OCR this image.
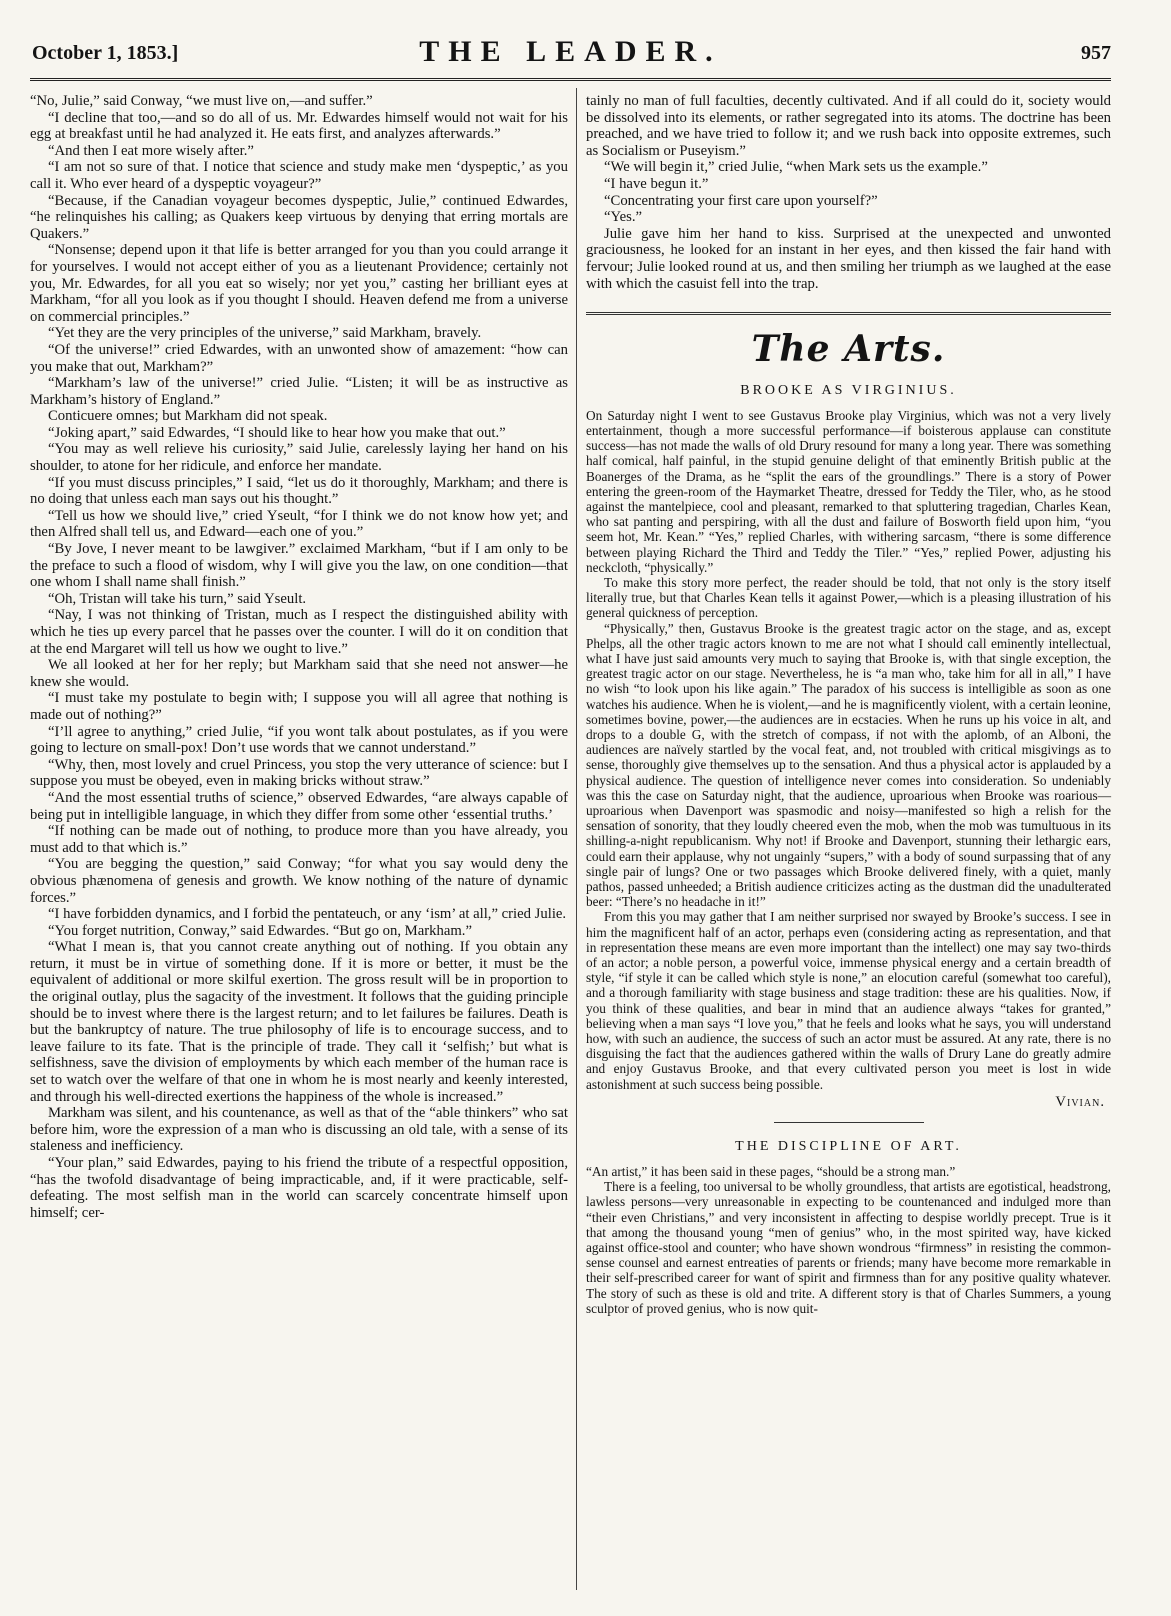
October 1, 1853.]	THE LEADER.	957

“No, Julie,” said Conway, “we must live on,—and suffer.”

“I decline that too,—and so do all of us. Mr. Edwardes himself would not wait for his egg at breakfast until he had analyzed it. He eats first, and analyzes afterwards.”

“And then I eat more wisely after.”

“I am not so sure of that. I notice that science and study make men ‘dyspeptic,’ as you call it. Who ever heard of a dyspeptic voyageur?”

“Because, if the Canadian voyageur becomes dyspeptic, Julie,” continued Edwardes, “he relinquishes his calling; as Quakers keep virtuous by denying that erring mortals are Quakers.”

“Nonsense; depend upon it that life is better arranged for you than you could arrange it for yourselves. I would not accept either of you as a lieutenant Providence; certainly not you, Mr. Edwardes, for all you eat so wisely; nor yet you,” casting her brilliant eyes at Markham, “for all you look as if you thought I should. Heaven defend me from a universe on commercial principles.”

“Yet they are the very principles of the universe,” said Markham, bravely.

“Of the universe!” cried Edwardes, with an unwonted show of amazement: “how can you make that out, Markham?”

“Markham’s law of the universe!” cried Julie. “Listen; it will be as instructive as Markham’s history of England.”

Conticuere omnes; but Markham did not speak.

“Joking apart,” said Edwardes, “I should like to hear how you make that out.”

“You may as well relieve his curiosity,” said Julie, carelessly laying her hand on his shoulder, to atone for her ridicule, and enforce her mandate.

“If you must discuss principles,” I said, “let us do it thoroughly, Markham; and there is no doing that unless each man says out his thought.”

“Tell us how we should live,” cried Yseult, “for I think we do not know how yet; and then Alfred shall tell us, and Edward—each one of you.”

“By Jove, I never meant to be lawgiver.” exclaimed Markham, “but if I am only to be the preface to such a flood of wisdom, why I will give you the law, on one condition—that one whom I shall name shall finish.”

“Oh, Tristan will take his turn,” said Yseult.

“Nay, I was not thinking of Tristan, much as I respect the distinguished ability with which he ties up every parcel that he passes over the counter. I will do it on condition that at the end Margaret will tell us how we ought to live.”

We all looked at her for her reply; but Markham said that she need not answer—he knew she would.

“I must take my postulate to begin with; I suppose you will all agree that nothing is made out of nothing?”

“I’ll agree to anything,” cried Julie, “if you wont talk about postulates, as if you were going to lecture on small-pox! Don’t use words that we cannot understand.”

“Why, then, most lovely and cruel Princess, you stop the very utterance of science: but I suppose you must be obeyed, even in making bricks without straw.”

“And the most essential truths of science,” observed Edwardes, “are always capable of being put in intelligible language, in which they differ from some other ‘essential truths.’

“If nothing can be made out of nothing, to produce more than you have already, you must add to that which is.”

“You are begging the question,” said Conway; “for what you say would deny the obvious phænomena of genesis and growth. We know nothing of the nature of dynamic forces.”

“I have forbidden dynamics, and I forbid the pentateuch, or any ‘ism’ at all,” cried Julie.

“You forget nutrition, Conway,” said Edwardes. “But go on, Markham.”

“What I mean is, that you cannot create anything out of nothing. If you obtain any return, it must be in virtue of something done. If it is more or better, it must be the equivalent of additional or more skilful exertion. The gross result will be in proportion to the original outlay, plus the sagacity of the investment. It follows that the guiding principle should be to invest where there is the largest return; and to let failures be failures. Death is but the bankruptcy of nature. The true philosophy of life is to encourage success, and to leave failure to its fate. That is the principle of trade. They call it ‘selfish;’ but what is selfishness, save the division of employments by which each member of the human race is set to watch over the welfare of that one in whom he is most nearly and keenly interested, and through his well-directed exertions the happiness of the whole is increased.”

Markham was silent, and his countenance, as well as that of the “able thinkers” who sat before him, wore the expression of a man who is discussing an old tale, with a sense of its staleness and inefficiency.

“Your plan,” said Edwardes, paying to his friend the tribute of a respectful opposition, “has the twofold disadvantage of being impracticable, and, if it were practicable, self-defeating. The most selfish man in the world can scarcely concentrate himself upon himself; cer-

tainly no man of full faculties, decently cultivated. And if all could do it, society would be dissolved into its elements, or rather segregated into its atoms. The doctrine has been preached, and we have tried to follow it; and we rush back into opposite extremes, such as Socialism or Puseyism.”

“We will begin it,” cried Julie, “when Mark sets us the example.”

“I have begun it.”

“Concentrating your first care upon yourself?”

“Yes.”

Julie gave him her hand to kiss. Surprised at the unexpected and unwonted graciousness, he looked for an instant in her eyes, and then kissed the fair hand with fervour; Julie looked round at us, and then smiling her triumph as we laughed at the ease with which the casuist fell into the trap.

The Arts.
BROOKE AS VIRGINIUS.

On Saturday night I went to see Gustavus Brooke play Virginius, which was not a very lively entertainment, though a more successful performance—if boisterous applause can constitute success—has not made the walls of old Drury resound for many a long year. There was something half comical, half painful, in the stupid genuine delight of that eminently British public at the Boanerges of the Drama, as he “split the ears of the groundlings.” There is a story of Power entering the green-room of the Haymarket Theatre, dressed for Teddy the Tiler, who, as he stood against the mantelpiece, cool and pleasant, remarked to that spluttering tragedian, Charles Kean, who sat panting and perspiring, with all the dust and failure of Bosworth field upon him, “you seem hot, Mr. Kean.” “Yes,” replied Charles, with withering sarcasm, “there is some difference between playing Richard the Third and Teddy the Tiler.” “Yes,” replied Power, adjusting his neckcloth, “physically.”

To make this story more perfect, the reader should be told, that not only is the story itself literally true, but that Charles Kean tells it against Power,—which is a pleasing illustration of his general quickness of perception.

“Physically,” then, Gustavus Brooke is the greatest tragic actor on the stage, and as, except Phelps, all the other tragic actors known to me are not what I should call eminently intellectual, what I have just said amounts very much to saying that Brooke is, with that single exception, the greatest tragic actor on our stage. Nevertheless, he is “a man who, take him for all in all,” I have no wish “to look upon his like again.” The paradox of his success is intelligible as soon as one watches his audience. When he is violent,—and he is magnificently violent, with a certain leonine, sometimes bovine, power,—the audiences are in ecstacies. When he runs up his voice in alt, and drops to a double G, with the stretch of compass, if not with the aplomb, of an Alboni, the audiences are naïvely startled by the vocal feat, and, not troubled with critical misgivings as to sense, thoroughly give themselves up to the sensation. And thus a physical actor is applauded by a physical audience. The question of intelligence never comes into consideration. So undeniably was this the case on Saturday night, that the audience, uproarious when Brooke was roarious—uproarious when Davenport was spasmodic and noisy—manifested so high a relish for the sensation of sonority, that they loudly cheered even the mob, when the mob was tumultuous in its shilling-a-night republicanism. Why not! if Brooke and Davenport, stunning their lethargic ears, could earn their applause, why not ungainly “supers,” with a body of sound surpassing that of any single pair of lungs? One or two passages which Brooke delivered finely, with a quiet, manly pathos, passed unheeded; a British audience criticizes acting as the dustman did the unadulterated beer: “There’s no headache in it!”

From this you may gather that I am neither surprised nor swayed by Brooke’s success. I see in him the magnificent half of an actor, perhaps even (considering acting as representation, and that in representation these means are even more important than the intellect) one may say two-thirds of an actor; a noble person, a powerful voice, immense physical energy and a certain breadth of style, “if style it can be called which style is none,” an elocution careful (somewhat too careful), and a thorough familiarity with stage business and stage tradition: these are his qualities. Now, if you think of these qualities, and bear in mind that an audience always “takes for granted,” believing when a man says “I love you,” that he feels and looks what he says, you will understand how, with such an audience, the success of such an actor must be assured. At any rate, there is no disguising the fact that the audiences gathered within the walls of Drury Lane do greatly admire and enjoy Gustavus Brooke, and that every cultivated person you meet is lost in wide astonishment at such success being possible.

Vivian.
THE DISCIPLINE OF ART.

“An artist,” it has been said in these pages, “should be a strong man.”

There is a feeling, too universal to be wholly groundless, that artists are egotistical, headstrong, lawless persons—very unreasonable in expecting to be countenanced and indulged more than “their even Christians,” and very inconsistent in affecting to despise worldly precept. True is it that among the thousand young “men of genius” who, in the most spirited way, have kicked against office-stool and counter; who have shown wondrous “firmness” in resisting the common-sense counsel and earnest entreaties of parents or friends; many have become more remarkable in their self-prescribed career for want of spirit and firmness than for any positive quality whatever. The story of such as these is old and trite. A different story is that of Charles Summers, a young sculptor of proved genius, who is now quit-
